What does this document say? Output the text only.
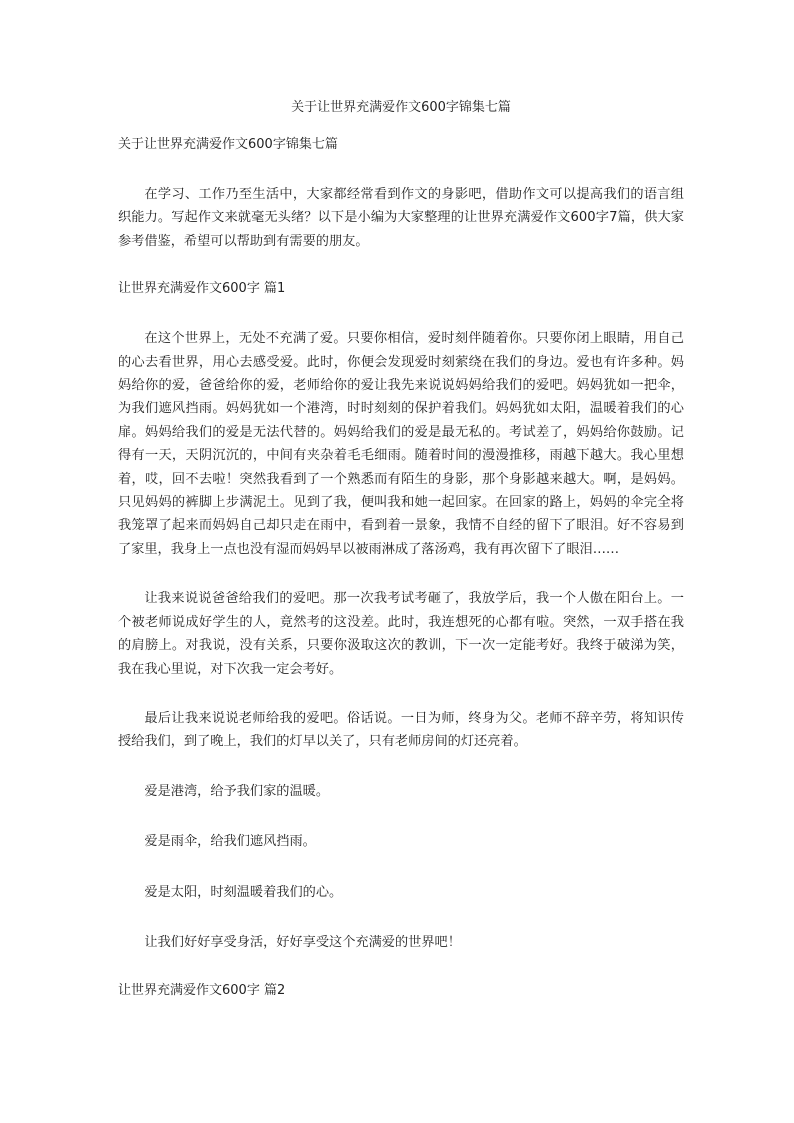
关于让世界充满爱作文600字锦集七篇
关于让世界充满爱作文600字锦集七篇

在学习、工作乃至生活中，大家都经常看到作文的身影吧，借助作文可以提高我们的语言组织能力。写起作文来就毫无头绪？以下是小编为大家整理的让世界充满爱作文600字7篇，供大家参考借鉴，希望可以帮助到有需要的朋友。

让世界充满爱作文600字 篇1

在这个世界上，无处不充满了爱。只要你相信，爱时刻伴随着你。只要你闭上眼睛，用自己的心去看世界，用心去感受爱。此时，你便会发现爱时刻萦绕在我们的身边。爱也有许多种。妈妈给你的爱，爸爸给你的爱，老师给你的爱让我先来说说妈妈给我们的爱吧。妈妈犹如一把伞，为我们遮风挡雨。妈妈犹如一个港湾，时时刻刻的保护着我们。妈妈犹如太阳，温暖着我们的心扉。妈妈给我们的爱是无法代替的。妈妈给我们的爱是最无私的。考试差了，妈妈给你鼓励。记得有一天，天阴沉沉的，中间有夹杂着毛毛细雨。随着时间的漫漫推移，雨越下越大。我心里想着，哎，回不去啦！突然我看到了一个熟悉而有陌生的身影，那个身影越来越大。啊，是妈妈。只见妈妈的裤脚上步满泥土。见到了我，便叫我和她一起回家。在回家的路上，妈妈的伞完全将我笼罩了起来而妈妈自己却只走在雨中，看到着一景象，我情不自经的留下了眼泪。好不容易到了家里，我身上一点也没有湿而妈妈早以被雨淋成了落汤鸡，我有再次留下了眼泪……

让我来说说爸爸给我们的爱吧。那一次我考试考砸了，我放学后，我一个人傲在阳台上。一个被老师说成好学生的人，竟然考的这没差。此时，我连想死的心都有啦。突然，一双手搭在我的肩膀上。对我说，没有关系，只要你汲取这次的教训，下一次一定能考好。我终于破涕为笑，我在我心里说，对下次我一定会考好。

最后让我来说说老师给我的爱吧。俗话说。一日为师，终身为父。老师不辞辛劳，将知识传授给我们，到了晚上，我们的灯早以关了，只有老师房间的灯还亮着。

爱是港湾，给予我们家的温暖。

爱是雨伞，给我们遮风挡雨。

爱是太阳，时刻温暖着我们的心。

让我们好好享受身活，好好享受这个充满爱的世界吧！

让世界充满爱作文600字 篇2
